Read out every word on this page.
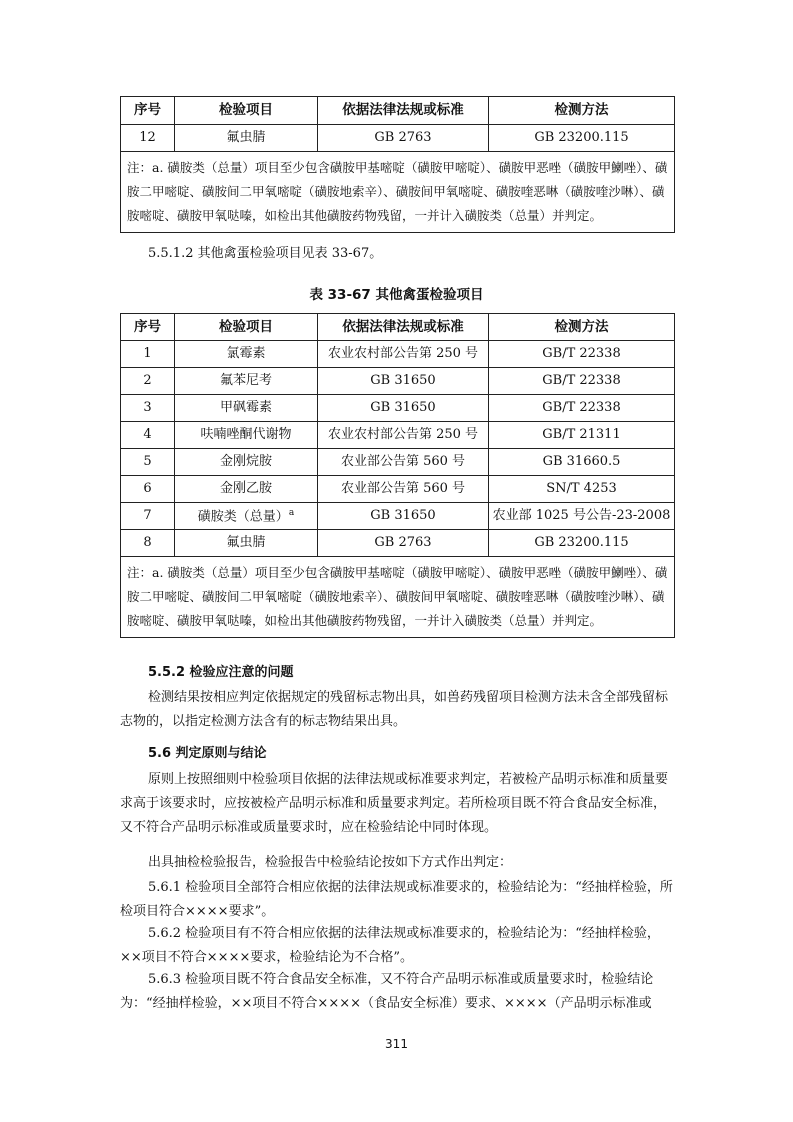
序号	检验项目	依据法律法规或标准	检测方法
12	氟虫腈	GB 2763	GB 23200.115
注：a. 磺胺类（总量）项目至少包含磺胺甲基嘧啶（磺胺甲嘧啶）、磺胺甲恶唑（磺胺甲鯻唑）、磺胺二甲嘧啶、磺胺间二甲氧嘧啶（磺胺地索辛）、磺胺间甲氧嘧啶、磺胺喹恶啉（磺胺喹沙啉）、磺胺嘧啶、磺胺甲氧哒嗪，如检出其他磺胺药物残留，一并计入磺胺类（总量）并判定。			

5.5.1.2 其他禽蛋检验项目见表 33-67。

表 33-67 其他禽蛋检验项目
序号	检验项目	依据法律法规或标准	检测方法
1	氯霉素	农业农村部公告第 250 号	GB/T 22338
2	氟苯尼考	GB 31650	GB/T 22338
3	甲砜霉素	GB 31650	GB/T 22338
4	呋喃唑酮代谢物	农业农村部公告第 250 号	GB/T 21311
5	金刚烷胺	农业部公告第 560 号	GB 31660.5
6	金刚乙胺	农业部公告第 560 号	SN/T 4253
7	磺胺类（总量）$^a$	GB 31650	农业部 1025 号公告-23-2008
8	氟虫腈	GB 2763	GB 23200.115
注：a. 磺胺类（总量）项目至少包含磺胺甲基嘧啶（磺胺甲嘧啶）、磺胺甲恶唑（磺胺甲鯻唑）、磺胺二甲嘧啶、磺胺间二甲氧嘧啶（磺胺地索辛）、磺胺间甲氧嘧啶、磺胺喹恶啉（磺胺喹沙啉）、磺胺嘧啶、磺胺甲氧哒嗪，如检出其他磺胺药物残留，一并计入磺胺类（总量）并判定。			
5.5.2 检验应注意的问题

检测结果按相应判定依据规定的残留标志物出具，如兽药残留项目检测方法未含全部残留标志物的，以指定检测方法含有的标志物结果出具。

5.6 判定原则与结论

原则上按照细则中检验项目依据的法律法规或标准要求判定，若被检产品明示标准和质量要求高于该要求时，应按被检产品明示标准和质量要求判定。若所检项目既不符合食品安全标准，又不符合产品明示标准或质量要求时，应在检验结论中同时体现。

出具抽检检验报告，检验报告中检验结论按如下方式作出判定：

5.6.1 检验项目全部符合相应依据的法律法规或标准要求的，检验结论为：“经抽样检验，所检项目符合××××要求”。

5.6.2 检验项目有不符合相应依据的法律法规或标准要求的，检验结论为：“经抽样检验，××项目不符合××××要求，检验结论为不合格”。

5.6.3 检验项目既不符合食品安全标准，又不符合产品明示标准或质量要求时，检验结论为：“经抽样检验，××项目不符合××××（食品安全标准）要求、××××（产品明示标准或

311
